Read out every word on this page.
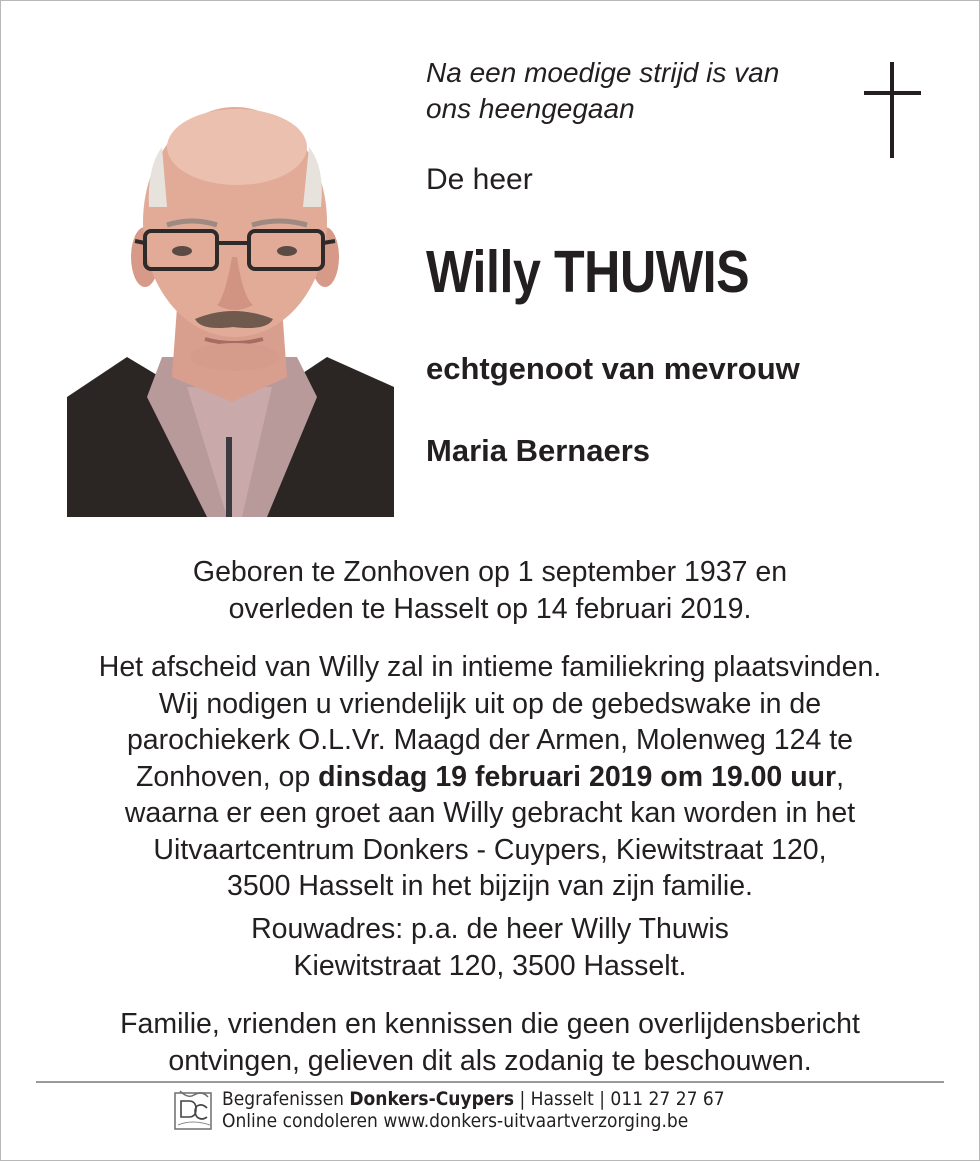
Na een moedige strijd is van
ons heengegaan
De heer
Willy THUWIS
echtgenoot van mevrouw
Maria Bernaers
Geboren te Zonhoven op 1 september 1937 en
overleden te Hasselt op 14 februari 2019.
Het afscheid van Willy zal in intieme familiekring plaatsvinden.
Wij nodigen u vriendelijk uit op de gebedswake in de
parochiekerk O.L.Vr. Maagd der Armen, Molenweg 124 te
Zonhoven, op dinsdag 19 februari 2019 om 19.00 uur,
waarna er een groet aan Willy gebracht kan worden in het
Uitvaartcentrum Donkers - Cuypers, Kiewitstraat 120,
3500 Hasselt in het bijzijn van zijn familie.
Rouwadres: p.a. de heer Willy Thuwis
Kiewitstraat 120, 3500 Hasselt.
Familie, vrienden en kennissen die geen overlijdensbericht
ontvingen, gelieven dit als zodanig te beschouwen.
Begrafenissen Donkers-Cuypers | Hasselt | 011 27 27 67
Online condoleren www.donkers-uitvaartverzorging.be
